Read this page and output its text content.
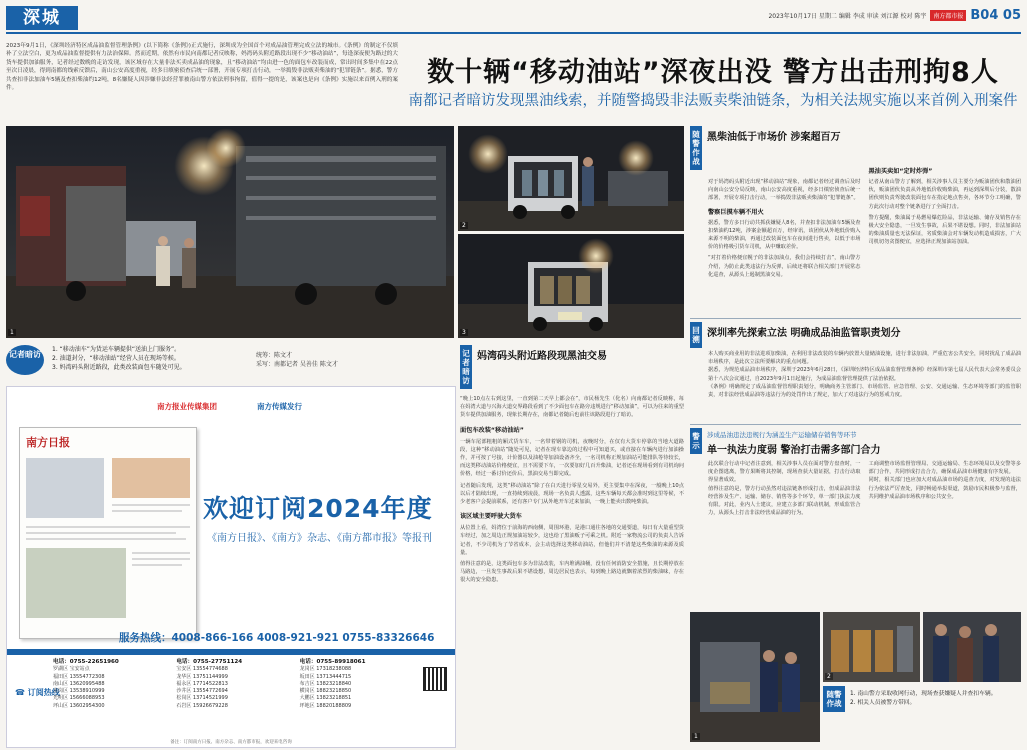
深城	2023年10月17日 星期二 编辑 李成 审读 刘江源 校对 陈宇	南方都市报 B04 05
2023年9月1日，《深圳经济特区成品油监督管理条例》(以下简称《条例》)正式施行，深圳成为全国首个对成品油管理完成立法的城市。《条例》的制定不仅填补了立法空白，更为成品油监督提供有力法治保障。然而近期，依然有市民向南都记者反映称，妈湾码头附近路段出现不少“移动油站”，每逢深夜便为路过的大货车提供加油服务，记者经过数晚的走访发现，该区域存在大量非法买卖成品油的现象，且“移动油站”均由进一色的面包车改装而成，常出时间多集中在22点至次日凌晨，得到南都的线索反馈后，南山公安高度重视，经多日缜密侦查后统一部署，开展专项打击行动，一举捣毁非法贩卖柴油的“犯罪链条”。据悉，警方共查扣非法加油车5辆及查扣柴油约12吨，8名嫌疑人因涉嫌非法经营罪被南山警方依法刑事拘留，值得一提的是，该案也是向《条例》实施以来首例入刑的案件。
数十辆“移动油站”深夜出没 警方出击刑拘8人
南都记者暗访发现黑油线索，并随警捣毁非法贩卖柴油链条，为相关法规实施以来首例入刑案件
1
2
3
记者暗访
1. “移动油车”为货运车辆提供“送油上门服务”。
2. 油道封分，“移动油站”经营人员在现场等候。
3. 妈湾码头附近路段，此类改装面包车随处可见。
统筹：陈文才
采写：南都记者 吴善佳 陈文才
记者暗访
妈湾码头附近路段现黑油交易
“晚上10点左右到这里，一直到第二天早上都会在”，市民杨先生（化名）向南都记者反映称，每在妈湾大道与兴海大道交界路段看到了不少面包车在路旁违规进行“移动加油”，可以为往来的重型货车提供加油服务，现象长期存在，南都记者随后也前往该路段进行了暗访。
面包车改装“移动油站”
一辆车尾部粗粗的厢式货车车，一名带着钢的司机，夜晚时分，在仅有大货车停靠的当地大道路段，这种“移动油站”随处可见，记者在现车靠边的过程中可知道买，或直接在车辆内进行加油操作，并可按了号接，计价器以及油枪等加油设备齐全，一名司机称正规加油站可能排队等待较长，而这类移动油站价格便宜，且不需要下车，一次要加好几百升柴油，记者还在现场看到有司机询问价格，经过一番讨价还价后，黑油交易当即完成。
记者随后发现，这类“移动油站”除了在白天进行零星交易外，更主要集中在深夜，一般晚上10点以后才陆续出现，一直持续到凌晨，现场一名负责人透露，这些车辆每天都会准时到这里等候，不少老客户会提前联系，还有客户专门从外地开车过来加油，一晚上能卖出数吨柴油。
该区域主要呼驶大货车
从位置上看，妈湾位于前海的西南侧，周围环港，是港口通往各地的交通要道，每日有大量重型货车经过，加之周边正规加油站较少，这也给了黑油贩子可乘之机。附近一家物流公司的负责人告诉记者，不少司机为了节省成本，会主动选择这类移动油站，但他们并不清楚这些柴油的来源及质量。
值得注意的是，这类面包车多为非法改装，车内堆满油桶，没有任何消防安全措施，且长期停放在马路边，一旦发生事故后果不堪设想，周边居民也表示，每到晚上路边就飘着浓烈的柴油味，存在很大的安全隐患。
随警作战
黑柴油低于市场价 涉案超百万
对于妈湾码头附近出现“移动油站”现象，南都记者经过调查后及时向南山公安分局反映，南山公安高度重视，经多日缜密侦查后统一部署，开展专项打击行动，一举捣毁非法贩卖柴油的“犯罪链条”。
警察巨摸车辆不用火
据悉，警方多日行动共抓获嫌疑人8名，并查扣非法加油车5辆及查扣柴油约12吨，涉案金额超百万，经审讯，该团伙从外地低价购入来源不明的柴油，再通过改装面包车在夜间进行售卖，以低于市场价的价格吸引货车司机，从中赚取差价。
“对打着价格便宜幌子的非法加油点，我们会持续打击”，南山警方介绍，为防止此类违法行为反弹，后续还将联合相关部门开展常态化巡查，从源头上遏制黑油交易。
黑油买卖如“定时炸弹”
记者从南山警方了解到，相关涉事人员主要分为贩油团伙和散油团伙，贩油团伙负责从外地低价收购柴油，再运到深圳后分装，散油团伙则负责驾驶改装面包车在指定地点售卖，各环节分工明确，警方此次行动对整个链条进行了全面打击。
警方提醒，柴油属于易燃易爆危险品，非法运输、储存及销售存在极大安全隐患，一旦发生事故，后果不堪设想。同时，非法加油站的柴油质量也无法保证，劣质柴油会对车辆发动机造成损害，广大司机切勿贪图便宜，应选择正规加油站加油。
回溯
深圳率先探索立法 明确成品油监管职责划分
本人购买商业用的非法进项加柴油，在利用非法改装的车辆内放置大量储油设施，进行非法加油，严重危害公共安全，同时扰乱了成品油市场秩序，是此次立法所要解决的重点问题。
据悉，为规范成品油市场秩序，深圳于2023年6月28日，《深圳经济特区成品油监督管理条例》经深圳市第七届人民代表大会常务委员会第十八次会议通过，自2023年9月1日起施行，为成品油监督管理提供了法治依据。
《条例》明确规定了成品油监督管理职责划分，明确商务主管部门、市场监管、应急管理、公安、交通运输、生态环境等部门的监管职责，对非法经营成品油等违法行为的处罚作出了规定，加大了对违法行为的惩戒力度。
警示
涉成品油违法违规行为涵盖生产运输储存销售等环节
单一执法力度弱 警治打击需多部门合力
此次联合行动中记者注意到，相关涉事人员在面对警方盘查时，一度企图逃离，警方果断将其控制，现场查获大量证据，打击行动取得显著成效。
值得注意的是，警方行动虽然对违法链条形成打击，但成品油非法经营涉及生产、运输、储存、销售等多个环节，单一部门执法力度有限。对此，业内人士建议，应建立多部门联动机制，形成监管合力，从源头上打击非法经营成品油的行为。
工商调整市场监督管理局、交通运输局、生态环境局以及交警等多部门合作，共同形成打击合力，确保成品油市场健康有序发展。
同时，相关部门也应加大对成品油市场的巡查力度，对发现的违法行为依法严厉查处，同时畅通举报渠道，鼓励市民积极参与监督，共同维护成品油市场秩序和公共安全。
1
2
随警作战
1. 南山警方采取收网行动，现场查获嫌疑人并查扣车辆。
2. 相关人员被警方带回。
南方报业传媒集团	南方传媒发行
南方日报
欢迎订阅2024年度
《南方日报》、《南方》杂志、《南方都市报》等报刊
服务热线：4008-866-166 4008-921-921 0755-83326646
☎ 订阅热线
电话：0755-22651960
罗湖区 宝安站点
福田区 13554772308
南山区 13620995488
龙岗区 13538910999
光明区 15666088953
坪山区 13602954300
电话：0755-27751124
宝安区 13554774688
龙华区 13751144999
福永区 17714522813
沙井区 13554772694
松岗区 13714521999
石岩区 15926679228
电话：0755-89918061
龙岗区 17318238088
坂田区 13713444715
布吉区 13823218840
横岗区 18823218850
大鹏区 13823218851
坪地区 18820188809
备注：订阅南方日报、南方杂志、南方都市报，欢迎来电咨询
